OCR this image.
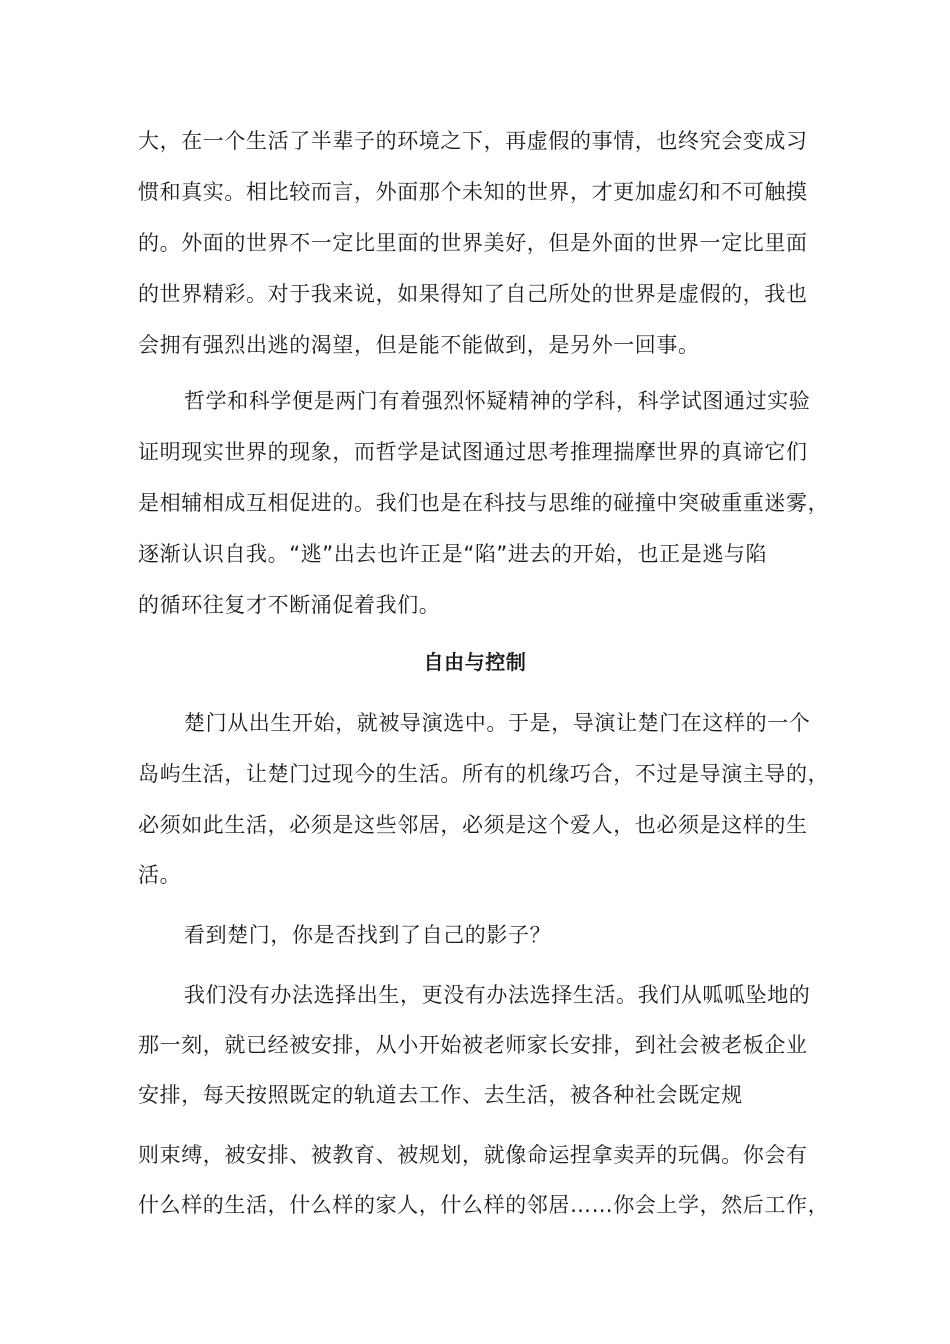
大，在一个生活了半辈子的环境之下，再虚假的事情，也终究会变成习

惯和真实。相比较而言，外面那个未知的世界，才更加虚幻和不可触摸

的。外面的世界不一定比里面的世界美好，但是外面的世界一定比里面

的世界精彩。对于我来说，如果得知了自己所处的世界是虚假的，我也

会拥有强烈出逃的渴望，但是能不能做到，是另外一回事。

哲学和科学便是两门有着强烈怀疑精神的学科，科学试图通过实验

证明现实世界的现象，而哲学是试图通过思考推理揣摩世界的真谛它们

是相辅相成互相促进的。我们也是在科技与思维的碰撞中突破重重迷雾，

逐渐认识自我。“逃”出去也许正是“陷”进去的开始，也正是逃与陷

的循环往复才不断涌促着我们。

自由与控制

楚门从出生开始，就被导演选中。于是，导演让楚门在这样的一个

岛屿生活，让楚门过现今的生活。所有的机缘巧合，不过是导演主导的，

必须如此生活，必须是这些邻居，必须是这个爱人，也必须是这样的生

活。

看到楚门，你是否找到了自己的影子？

我们没有办法选择出生，更没有办法选择生活。我们从呱呱坠地的

那一刻，就已经被安排，从小开始被老师家长安排，到社会被老板企业

安排，每天按照既定的轨道去工作、去生活，被各种社会既定规

则束缚，被安排、被教育、被规划，就像命运捏拿卖弄的玩偶。你会有

什么样的生活，什么样的家人，什么样的邻居……你会上学，然后工作，
